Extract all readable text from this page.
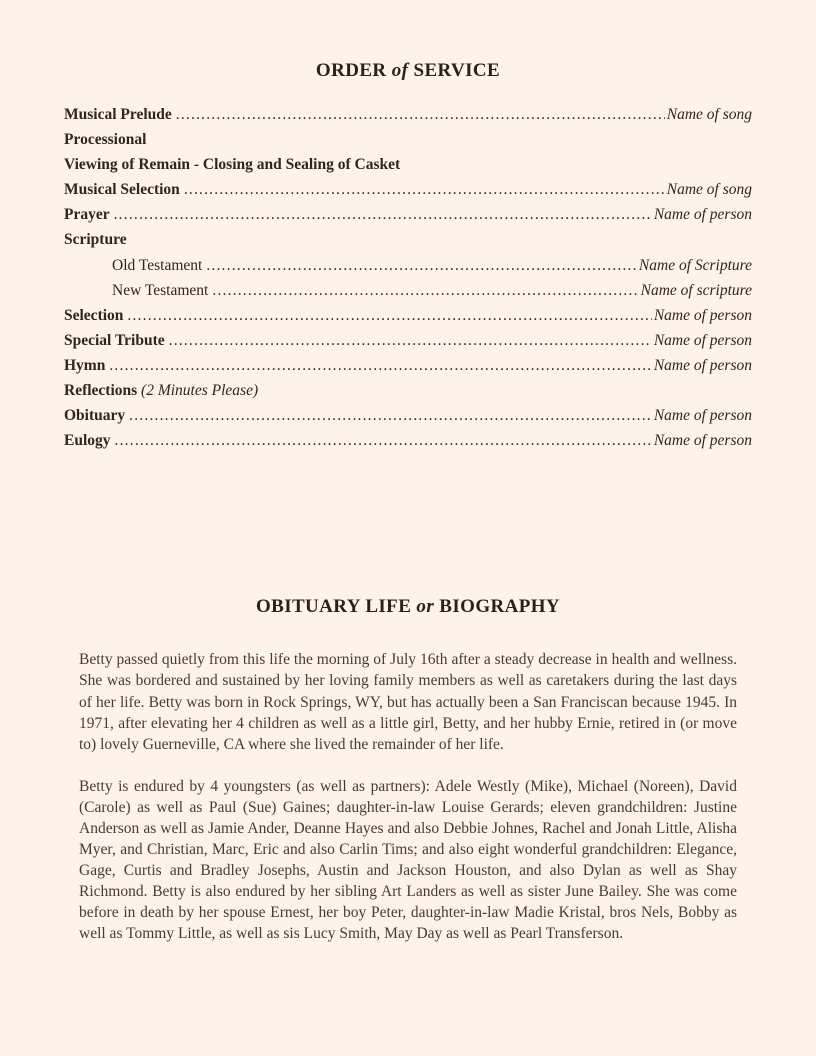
ORDER of SERVICE
Musical Prelude .....	Name of song
Processional
Viewing of Remain - Closing and Sealing of Casket
Musical Selection .....	Name of song
Prayer .....	Name of person
Scripture
Old Testament .....	Name of Scripture
New Testament .....	Name of scripture
Selection .....	Name of person
Special Tribute .....	Name of person
Hymn .....	Name of person
Reflections (2 Minutes Please)
Obituary .....	Name of person
Eulogy .....	Name of person
OBITUARY LIFE or BIOGRAPHY

Betty passed quietly from this life the morning of July 16th after a steady decrease in health and wellness. She was bordered and sustained by her loving family members as well as caretakers during the last days of her life. Betty was born in Rock Springs, WY, but has actually been a San Franciscan because 1945. In 1971, after elevating her 4 children as well as a little girl, Betty, and her hubby Ernie, retired in (or move to) lovely Guerneville, CA where she lived the remainder of her life.

Betty is endured by 4 youngsters (as well as partners): Adele Westly (Mike), Michael (Noreen), David (Carole) as well as Paul (Sue) Gaines; daughter-in-law Louise Gerards; eleven grandchildren: Justine Anderson as well as Jamie Ander, Deanne Hayes and also Debbie Johnes, Rachel and Jonah Little, Alisha Myer, and Christian, Marc, Eric and also Carlin Tims; and also eight wonderful grandchildren: Elegance, Gage, Curtis and Bradley Josephs, Austin and Jackson Houston, and also Dylan as well as Shay Richmond. Betty is also endured by her sibling Art Landers as well as sister June Bailey. She was come before in death by her spouse Ernest, her boy Peter, daughter-in-law Madie Kristal, bros Nels, Bobby as well as Tommy Little, as well as sis Lucy Smith, May Day as well as Pearl Transferson.
